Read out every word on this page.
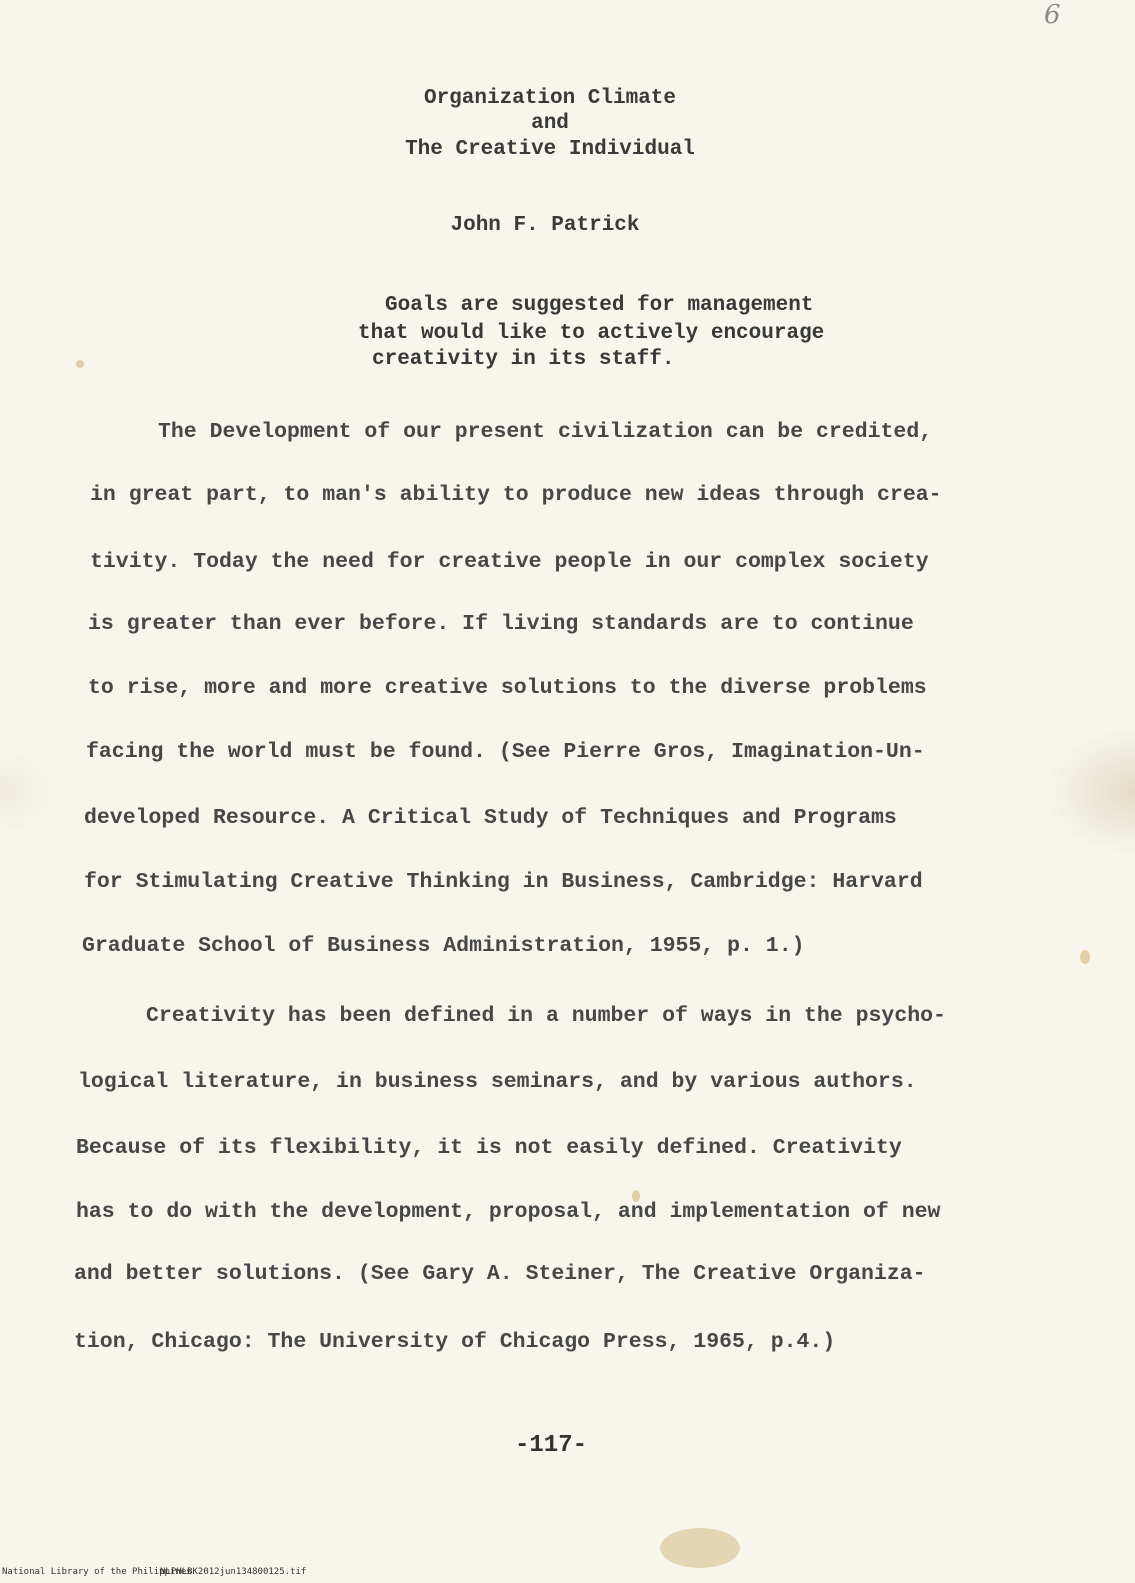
6
Organization Climate
and
The Creative Individual
John F. Patrick
Goals are suggested for management
that would like to actively encourage
creativity in its staff.
The Development of our present civilization can be credited,
in great part, to man's ability to produce new ideas through crea-
tivity. Today the need for creative people in our complex society
is greater than ever before. If living standards are to continue
to rise, more and more creative solutions to the diverse problems
facing the world must be found. (See Pierre Gros, Imagination-Un-
developed Resource. A Critical Study of Techniques and Programs
for Stimulating Creative Thinking in Business, Cambridge: Harvard
Graduate School of Business Administration, 1955, p. 1.)
Creativity has been defined in a number of ways in the psycho-
logical literature, in business seminars, and by various authors.
Because of its flexibility, it is not easily defined. Creativity
has to do with the development, proposal, and implementation of new
and better solutions. (See Gary A. Steiner, The Creative Organiza-
tion, Chicago: The University of Chicago Press, 1965, p.4.)
-117-
National Library of the Philippines
NLPHLBK2012jun134800125.tif
